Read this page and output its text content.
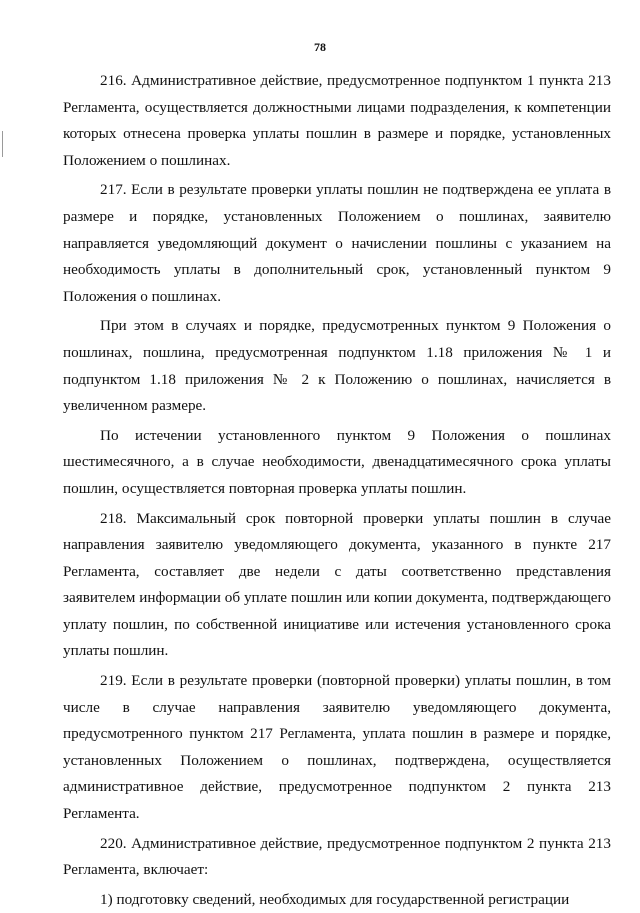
78

216. Административное действие, предусмотренное подпунктом 1 пункта 213 Регламента, осуществляется должностными лицами подразделения, к компетенции которых отнесена проверка уплаты пошлин в размере и порядке, установленных Положением о пошлинах.

217. Если в результате проверки уплаты пошлин не подтверждена ее уплата в размере и порядке, установленных Положением о пошлинах, заявителю направляется уведомляющий документ о начислении пошлины с указанием на необходимость уплаты в дополнительный срок, установленный пунктом 9 Положения о пошлинах.

При этом в случаях и порядке, предусмотренных пунктом 9 Положения о пошлинах, пошлина, предусмотренная подпунктом 1.18 приложения № 1 и подпунктом 1.18 приложения № 2 к Положению о пошлинах, начисляется в увеличенном размере.

По истечении установленного пунктом 9 Положения о пошлинах шестимесячного, а в случае необходимости, двенадцатимесячного срока уплаты пошлин, осуществляется повторная проверка уплаты пошлин.

218. Максимальный срок повторной проверки уплаты пошлин в случае направления заявителю уведомляющего документа, указанного в пункте 217 Регламента, составляет две недели с даты соответственно представления заявителем информации об уплате пошлин или копии документа, подтверждающего уплату пошлин, по собственной инициативе или истечения установленного срока уплаты пошлин.

219. Если в результате проверки (повторной проверки) уплаты пошлин, в том числе в случае направления заявителю уведомляющего документа, предусмотренного пунктом 217 Регламента, уплата пошлин в размере и порядке, установленных Положением о пошлинах, подтверждена, осуществляется административное действие, предусмотренное подпунктом 2 пункта 213 Регламента.

220. Административное действие, предусмотренное подпунктом 2 пункта 213 Регламента, включает:

1) подготовку сведений, необходимых для государственной регистрации
